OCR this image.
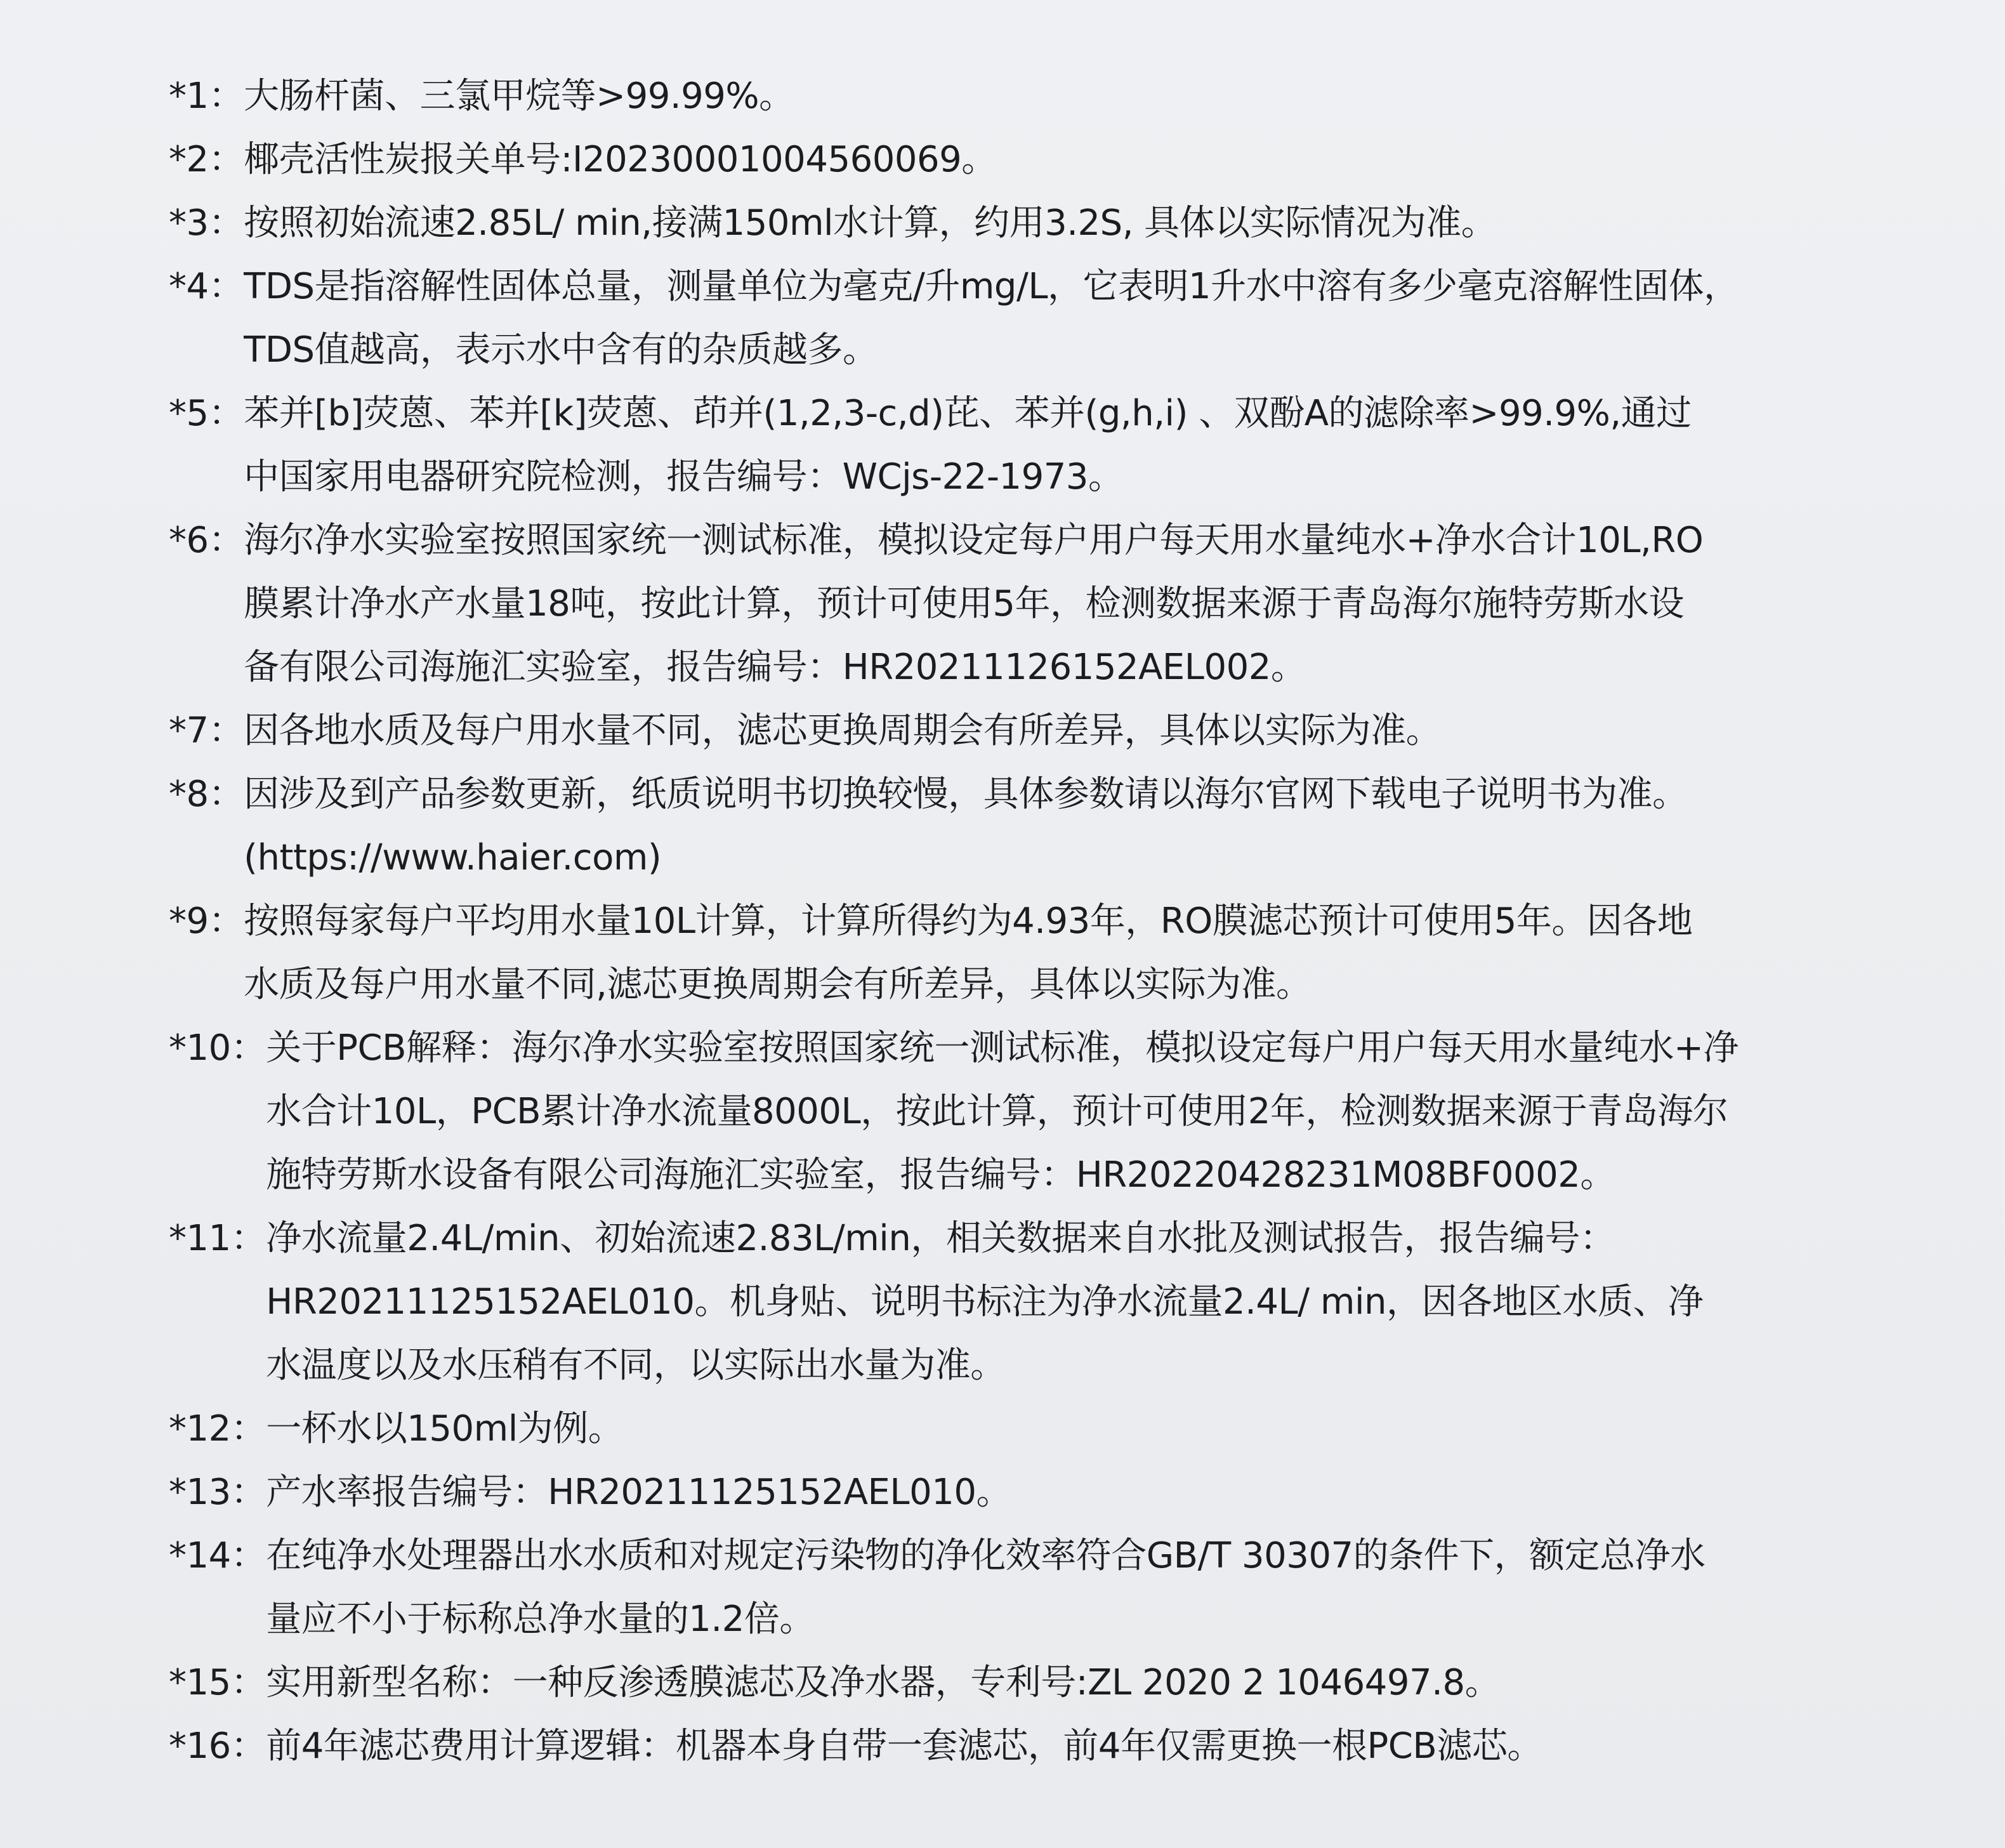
*1： 大肠杆菌、三氯甲烷等>99.99%。
*2： 椰壳活性炭报关单号:I20230001004560069。
*3： 按照初始流速2.85L/ min,接满150ml水计算，约用3.2S, 具体以实际情况为准。
*4： TDS是指溶解性固体总量，测量单位为毫克/升mg/L，它表明1升水中溶有多少毫克溶解性固体，
TDS值越高，表示水中含有的杂质越多。
*5： 苯并[b]荧蒽、苯并[k]荧蒽、茚并(1,2,3-c,d)芘、苯并(g,h,i) 、双酚A的滤除率>99.9%,通过
中国家用电器研究院检测，报告编号：WCjs-22-1973。
*6： 海尔净水实验室按照国家统一测试标准，模拟设定每户用户每天用水量纯水+净水合计10L,RO
膜累计净水产水量18吨，按此计算，预计可使用5年，检测数据来源于青岛海尔施特劳斯水设
备有限公司海施汇实验室，报告编号：HR20211126152AEL002。
*7： 因各地水质及每户用水量不同，滤芯更换周期会有所差异，具体以实际为准。
*8： 因涉及到产品参数更新，纸质说明书切换较慢，具体参数请以海尔官网下载电子说明书为准。
(https://www.haier.com)
*9： 按照每家每户平均用水量10L计算，计算所得约为4.93年，RO膜滤芯预计可使用5年。因各地
水质及每户用水量不同,滤芯更换周期会有所差异，具体以实际为准。
*10： 关于PCB解释：海尔净水实验室按照国家统一测试标准，模拟设定每户用户每天用水量纯水+净
水合计10L，PCB累计净水流量8000L，按此计算，预计可使用2年，检测数据来源于青岛海尔
施特劳斯水设备有限公司海施汇实验室，报告编号：HR20220428231M08BF0002。
*11： 净水流量2.4L/min、初始流速2.83L/min，相关数据来自水批及测试报告，报告编号：
HR20211125152AEL010。机身贴、说明书标注为净水流量2.4L/ min，因各地区水质、净
水温度以及水压稍有不同，以实际出水量为准。
*12： 一杯水以150ml为例。
*13： 产水率报告编号：HR20211125152AEL010。
*14： 在纯净水处理器出水水质和对规定污染物的净化效率符合GB/T 30307的条件下，额定总净水
量应不小于标称总净水量的1.2倍。
*15： 实用新型名称：一种反渗透膜滤芯及净水器，专利号:ZL 2020 2 1046497.8。
*16： 前4年滤芯费用计算逻辑：机器本身自带一套滤芯，前4年仅需更换一根PCB滤芯。
